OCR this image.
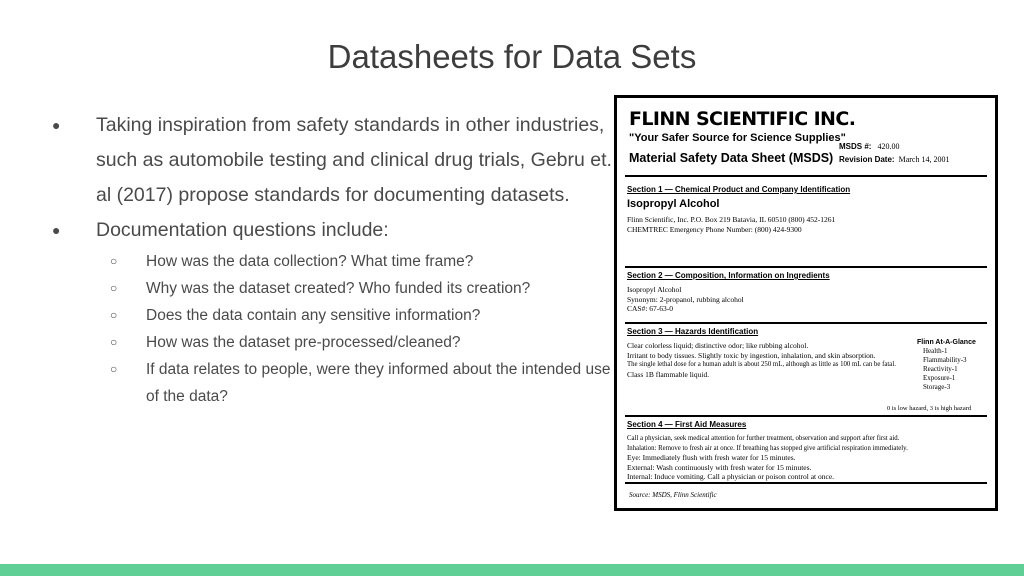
Datasheets for Data Sets
● Taking inspiration from safety standards in other industries, such as automobile testing and clinical drug trials, Gebru et. al (2017) propose standards for documenting datasets.
● Documentation questions include:
○ How was the data collection? What time frame?
○ Why was the dataset created? Who funded its creation?
○ Does the data contain any sensitive information?
○ How was the dataset pre-processed/cleaned?
○ If data relates to people, were they informed about the intended use of the data?
FLINN SCIENTIFIC INC.
"Your Safer Source for Science Supplies"
Material Safety Data Sheet (MSDS)
MSDS #: 420.00
Revision Date: March 14, 2001
Section 1 — Chemical Product and Company Identification
Isopropyl Alcohol
Flinn Scientific, Inc. P.O. Box 219 Batavia, IL 60510 (800) 452-1261
CHEMTREC Emergency Phone Number: (800) 424-9300
Section 2 — Composition, Information on Ingredients
Isopropyl Alcohol
Synonym: 2-propanol, rubbing alcohol
CAS#: 67-63-0
Section 3 — Hazards Identification
Clear colorless liquid; distinctive odor; like rubbing alcohol.
Irritant to body tissues. Slightly toxic by ingestion, inhalation, and skin absorption.
The single lethal dose for a human adult is about 250 mL, although as little as 100 mL can be fatal.
Class 1B flammable liquid.
Flinn At-A-Glance
Health-1
Flammability-3
Reactivity-1
Exposure-1
Storage-3
0 is low hazard, 3 is high hazard
Section 4 — First Aid Measures
Call a physician, seek medical attention for further treatment, observation and support after first aid.
Inhalation: Remove to fresh air at once. If breathing has stopped give artificial respiration immediately.
Eye: Immediately flush with fresh water for 15 minutes.
External: Wash continuously with fresh water for 15 minutes.
Internal: Induce vomiting. Call a physician or poison control at once.
Source: MSDS, Flinn Scientific
